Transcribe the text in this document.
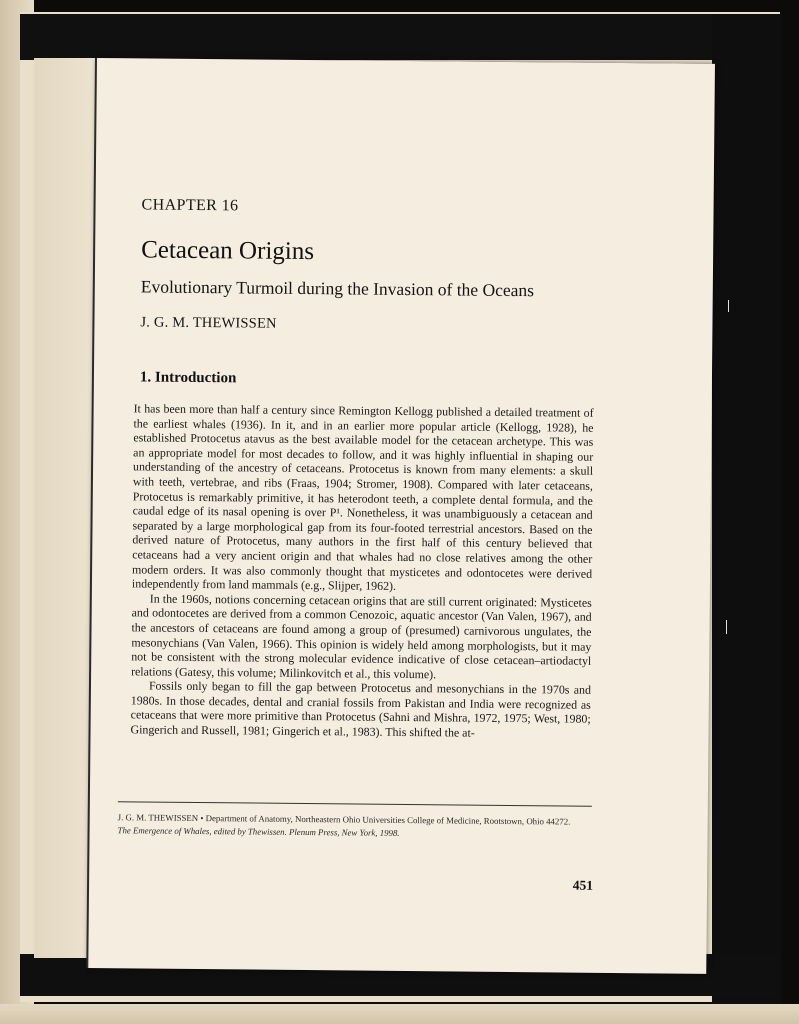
CHAPTER 16
Cetacean Origins
Evolutionary Turmoil during the Invasion of the Oceans
J. G. M. THEWISSEN
1. Introduction

It has been more than half a century since Remington Kellogg published a detailed treatment of the earliest whales (1936). In it, and in an earlier more popular article (Kellogg, 1928), he established Protocetus atavus as the best available model for the cetacean archetype. This was an appropriate model for most decades to follow, and it was highly influential in shaping our understanding of the ancestry of cetaceans. Protocetus is known from many elements: a skull with teeth, vertebrae, and ribs (Fraas, 1904; Stromer, 1908). Compared with later cetaceans, Protocetus is remarkably primitive, it has heterodont teeth, a complete dental formula, and the caudal edge of its nasal opening is over P¹. Nonetheless, it was unambiguously a cetacean and separated by a large morphological gap from its four-footed terrestrial ancestors. Based on the derived nature of Protocetus, many authors in the first half of this century believed that cetaceans had a very ancient origin and that whales had no close relatives among the other modern orders. It was also commonly thought that mysticetes and odontocetes were derived independently from land mammals (e.g., Slijper, 1962).

In the 1960s, notions concerning cetacean origins that are still current originated: Mysticetes and odontocetes are derived from a common Cenozoic, aquatic ancestor (Van Valen, 1967), and the ancestors of cetaceans are found among a group of (presumed) carnivorous ungulates, the mesonychians (Van Valen, 1966). This opinion is widely held among morphologists, but it may not be consistent with the strong molecular evidence indicative of close cetacean–artiodactyl relations (Gatesy, this volume; Milinkovitch et al., this volume).

Fossils only began to fill the gap between Protocetus and mesonychians in the 1970s and 1980s. In those decades, dental and cranial fossils from Pakistan and India were recognized as cetaceans that were more primitive than Protocetus (Sahni and Mishra, 1972, 1975; West, 1980; Gingerich and Russell, 1981; Gingerich et al., 1983). This shifted the at-

J. G. M. THEWISSEN • Department of Anatomy, Northeastern Ohio Universities College of Medicine, Rootstown, Ohio 44272.
The Emergence of Whales, edited by Thewissen. Plenum Press, New York, 1998.
451
